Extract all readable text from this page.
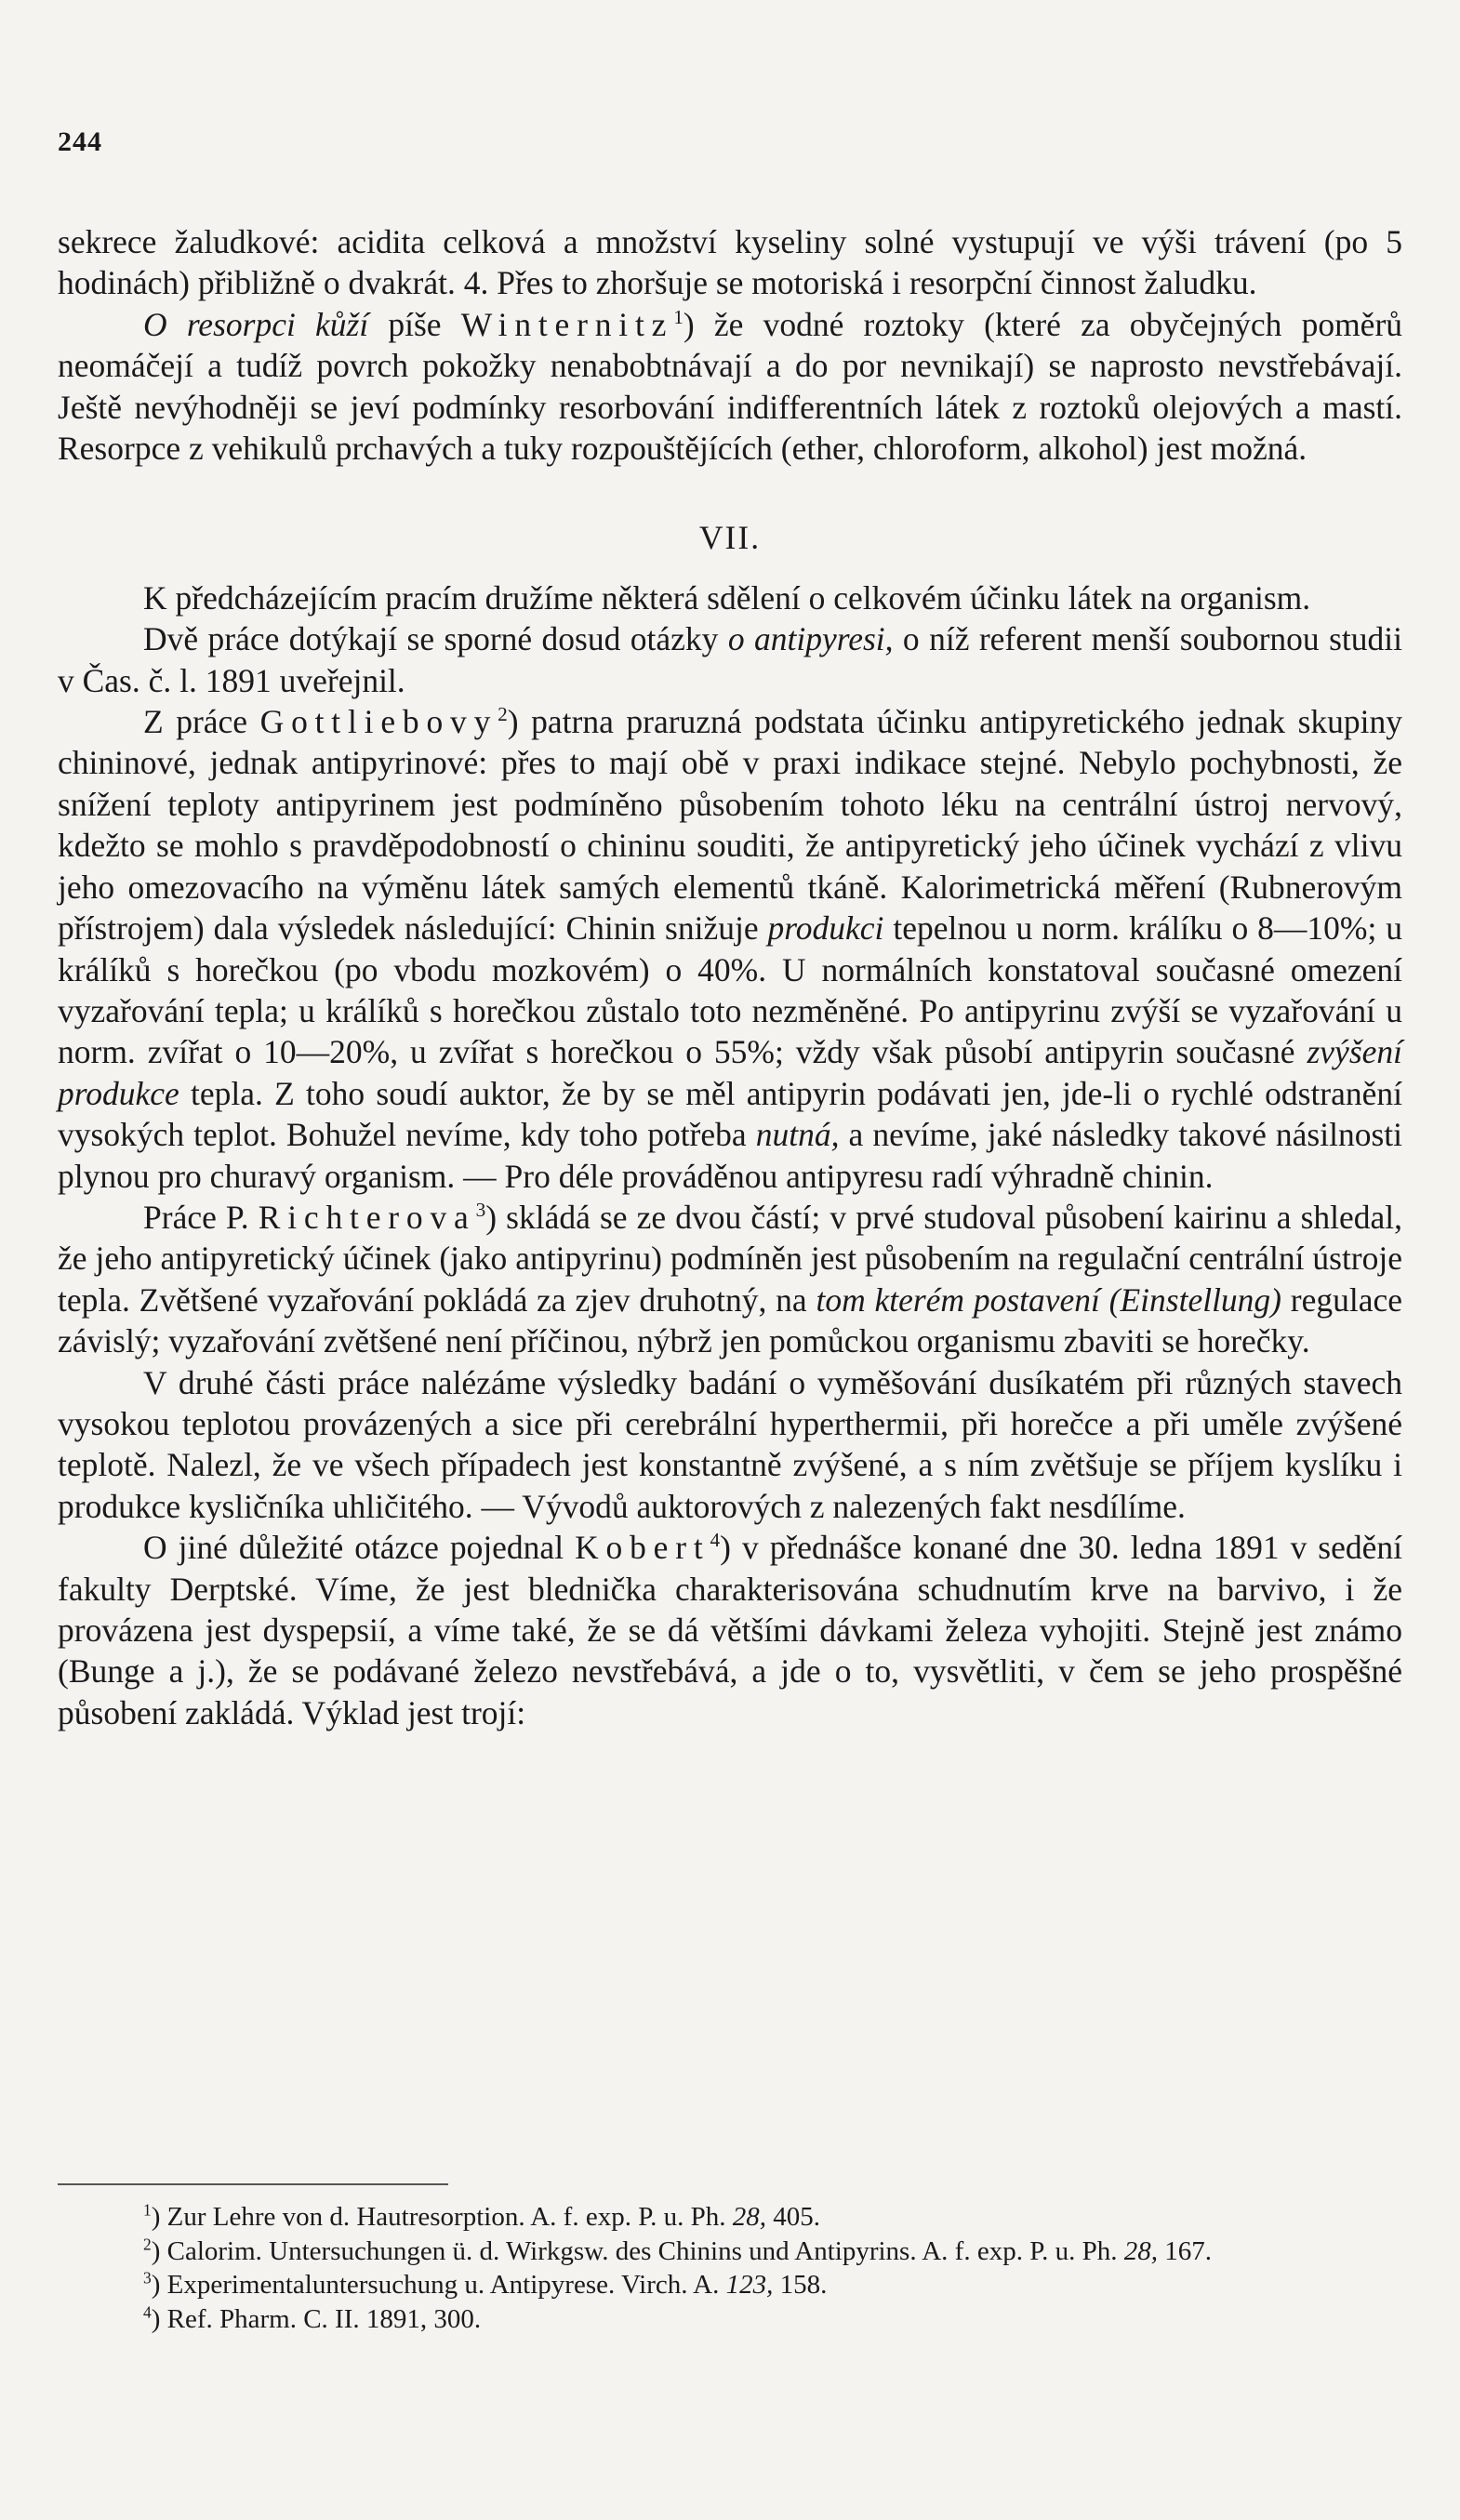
244

sekrece žaludkové: acidita celková a množství kyseliny solné vystupují ve výši trávení (po 5 hodinách) přibližně o dvakrát. 4. Přes to zhoršuje se motoriská i resorpční činnost žaludku.

O resorpci kůží píše Winternitz$^1$) že vodné roztoky (které za obyčejných poměrů neomáčejí a tudíž povrch pokožky nenabobtnávají a do por nevnikají) se naprosto nevstřebávají. Ještě nevýhodněji se jeví podmínky resorbování indifferentních látek z roztoků olejových a mastí. Resorpce z vehikulů prchavých a tuky rozpouštějících (ether, chloroform, alkohol) jest možná.

VII.

K předcházejícím pracím družíme některá sdělení o celkovém účinku látek na organism.

Dvě práce dotýkají se sporné dosud otázky o antipyresi, o níž referent menší soubornou studii v Čas. č. l. 1891 uveřejnil.

Z práce Gottliebovy$^2$) patrna praruzná podstata účinku antipyretického jednak skupiny chininové, jednak antipyrinové: přes to mají obě v praxi indikace stejné. Nebylo pochybnosti, že snížení teploty antipyrinem jest podmíněno působením tohoto léku na centrální ústroj nervový, kdežto se mohlo s pravděpodobností o chininu souditi, že antipyretický jeho účinek vychází z vlivu jeho omezovacího na výměnu látek samých elementů tkáně. Kalorimetrická měření (Rubnerovým přístrojem) dala výsledek následující: Chinin snižuje produkci tepelnou u norm. králíku o 8—10%; u králíků s horečkou (po vbodu mozkovém) o 40%. U normálních konstatoval současné omezení vyzařování tepla; u králíků s horečkou zůstalo toto nezměněné. Po antipyrinu zvýší se vyzařování u norm. zvířat o 10—20%, u zvířat s horečkou o 55%; vždy však působí antipyrin současné zvýšení produkce tepla. Z toho soudí auktor, že by se měl antipyrin podávati jen, jde-li o rychlé odstranění vysokých teplot. Bohužel nevíme, kdy toho potřeba nutná, a nevíme, jaké následky takové násilnosti plynou pro churavý organism. — Pro déle prováděnou antipyresu radí výhradně chinin.

Práce P. Richterova$^3$) skládá se ze dvou částí; v prvé studoval působení kairinu a shledal, že jeho antipyretický účinek (jako antipyrinu) podmíněn jest působením na regulační centrální ústroje tepla. Zvětšené vyzařování pokládá za zjev druhotný, na tom kterém postavení (Einstellung) regulace závislý; vyzařování zvětšené není příčinou, nýbrž jen pomůckou organismu zbaviti se horečky.

V druhé části práce nalézáme výsledky badání o vyměšování dusíkatém při různých stavech vysokou teplotou provázených a sice při cerebrální hyperthermii, při horečce a při uměle zvýšené teplotě. Nalezl, že ve všech případech jest konstantně zvýšené, a s ním zvětšuje se příjem kyslíku i produkce kysličníka uhličitého. — Vývodů auktorových z nalezených fakt nesdílíme.

O jiné důležité otázce pojednal Kobert$^4$) v přednášce konané dne 30. ledna 1891 v sedění fakulty Derptské. Víme, že jest blednička charakterisována schudnutím krve na barvivo, i že provázena jest dyspepsií, a víme také, že se dá většími dávkami železa vyhojiti. Stejně jest známo (Bunge a j.), že se podávané železo nevstřebává, a jde o to, vysvětliti, v čem se jeho prospěšné působení zakládá. Výklad jest trojí:

$^1$) Zur Lehre von d. Hautresorption. A. f. exp. P. u. Ph. 28, 405.

$^2$) Calorim. Untersuchungen ü. d. Wirkgsw. des Chinins und Antipyrins. A. f. exp. P. u. Ph. 28, 167.

$^3$) Experimentaluntersuchung u. Antipyrese. Virch. A. 123, 158.

$^4$) Ref. Pharm. C. II. 1891, 300.
